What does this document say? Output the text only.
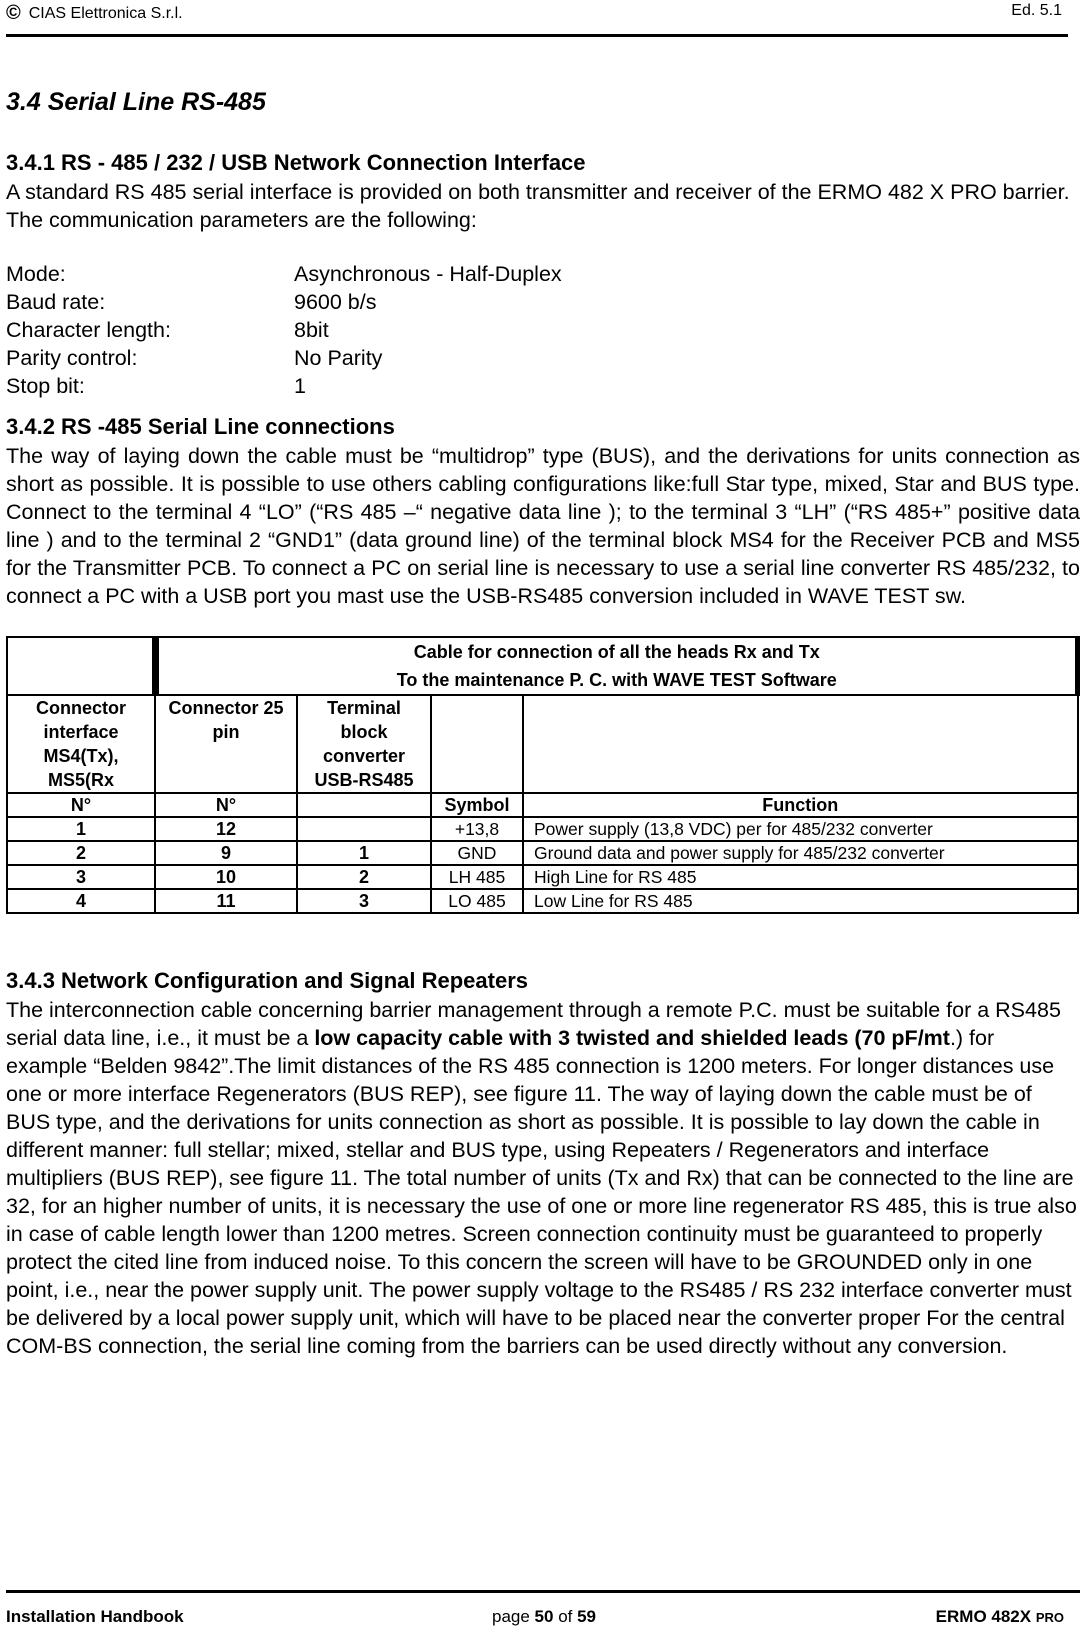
© CIAS Elettronica S.r.l.	Ed. 5.1
3.4 Serial Line RS-485
3.4.1 RS - 485 / 232 / USB Network Connection Interface

A standard RS 485 serial interface is provided on both transmitter and receiver of the ERMO 482 X PRO barrier. The communication parameters are the following:

Mode:	Asynchronous - Half-Duplex
Baud rate:	9600 b/s
Character length:	8bit
Parity control:	No Parity
Stop bit:	1
3.4.2 RS -485 Serial Line connections

The way of laying down the cable must be “multidrop” type (BUS), and the derivations for units connection as short as possible. It is possible to use others cabling configurations like:full Star type, mixed, Star and BUS type. Connect to the terminal 4 “LO” (“RS 485 –“ negative data line ); to the terminal 3 “LH” (“RS 485+” positive data line ) and to the terminal 2 “GND1” (data ground line) of the terminal block MS4 for the Receiver PCB and MS5 for the Transmitter PCB. To connect a PC on serial line is necessary to use a serial line converter RS 485/232, to connect a PC with a USB port you mast use the USB-RS485 conversion included in WAVE TEST sw.

	Cable for connection of all the heads Rx and Tx
To the maintenance P. C. with WAVE TEST Software			

Connector interface MS4(Tx), MS5(Rx	Connector 25 pin	Terminal block converter USB-RS485		
N°	N°		Symbol	Function
1	12		+13,8	Power supply (13,8 VDC) per for 485/232 converter
2	9	1	GND	Ground data and power supply for 485/232 converter
3	10	2	LH 485	High Line for RS 485
4	11	3	LO 485	Low Line for RS 485
3.4.3 Network Configuration and Signal Repeaters

The interconnection cable concerning barrier management through a remote P.C. must be suitable for a RS485 serial data line, i.e., it must be a low capacity cable with 3 twisted and shielded leads (70 pF/mt.) for example “Belden 9842”.The limit distances of the RS 485 connection is 1200 meters. For longer distances use one or more interface Regenerators (BUS REP), see figure 11. The way of laying down the cable must be of BUS type, and the derivations for units connection as short as possible. It is possible to lay down the cable in different manner: full stellar; mixed, stellar and BUS type, using Repeaters / Regenerators and interface multipliers (BUS REP), see figure 11. The total number of units (Tx and Rx) that can be connected to the line are 32, for an higher number of units, it is necessary the use of one or more line regenerator RS 485, this is true also in case of cable length lower than 1200 metres. Screen connection continuity must be guaranteed to properly protect the cited line from induced noise. To this concern the screen will have to be GROUNDED only in one point, i.e., near the power supply unit. The power supply voltage to the RS485 / RS 232 interface converter must be delivered by a local power supply unit, which will have to be placed near the converter proper For the central COM-BS connection, the serial line coming from the barriers can be used directly without any conversion.

Installation Handbook	page 50 of 59	ERMO 482X PRO
